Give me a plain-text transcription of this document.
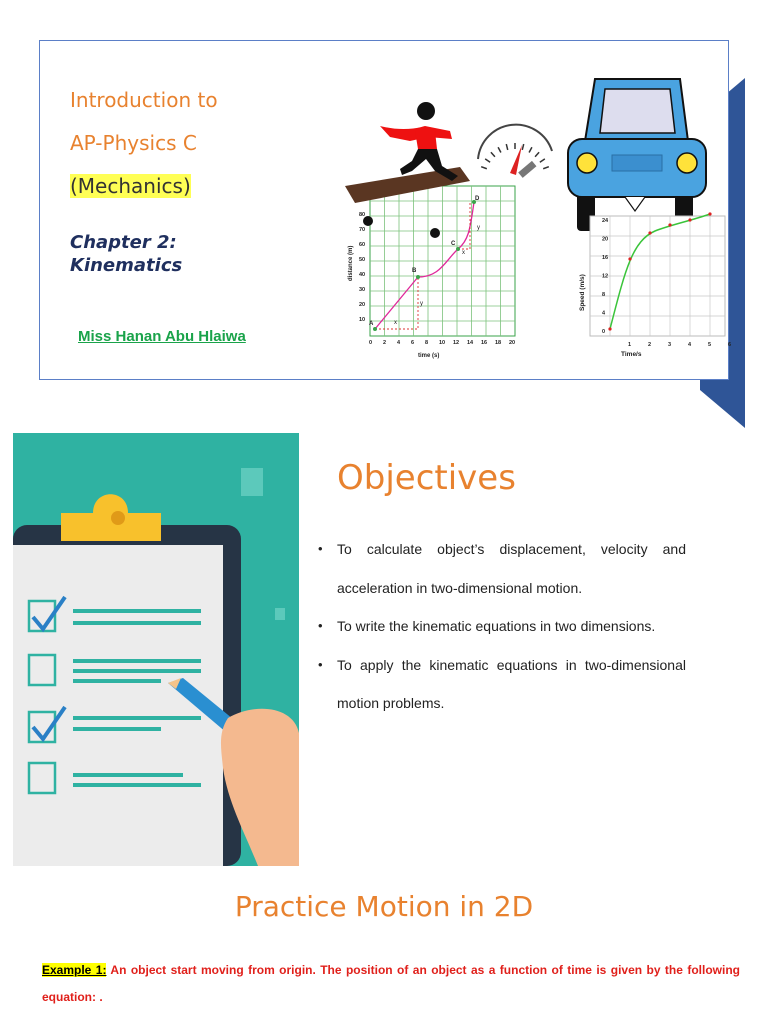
Introduction to
AP-Physics C
(Mechanics)
Chapter 2:
Kinematics
Miss Hanan Abu Hlaiwa
distance (m)
time (s)
10
20
30
40
50
60
70
80
0 2 4 6 8 10 12 14 16 18 20
A
B
C
D
x
y
x
y
Speed (m/s)
Time/s
0
4
8
12
16
20
24
1	2	3	4	5	6
Objectives
• To calculate object’s displacement, velocity and acceleration in two-dimensional motion.
• To write the kinematic equations in two dimensions.
• To apply the kinematic equations in two-dimensional motion problems.
Practice Motion in 2D
Example 1: An object start moving from origin. The position of an object as a function of time is given by the following equation: .
